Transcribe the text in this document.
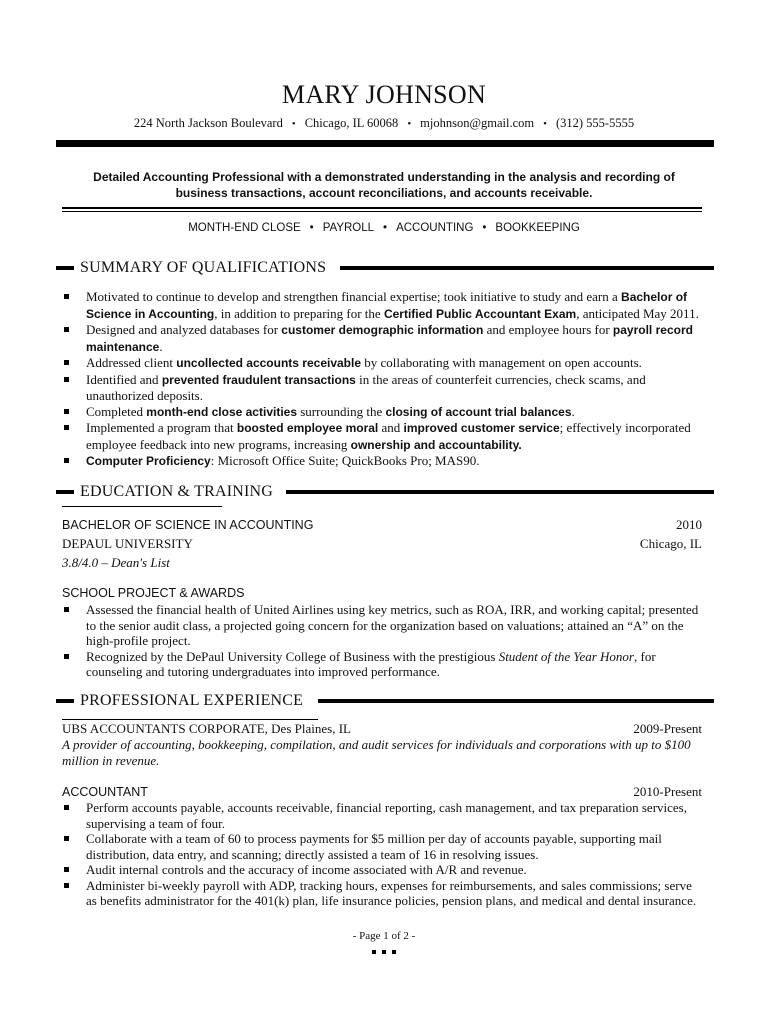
MARY JOHNSON
224 North Jackson Boulevard • Chicago, IL 60068 • mjohnson@gmail.com • (312) 555-5555
Detailed Accounting Professional with a demonstrated understanding in the analysis and recording of
business transactions, account reconciliations, and accounts receivable.
MONTH-END CLOSE • PAYROLL • ACCOUNTING • BOOKKEEPING
SUMMARY OF QUALIFICATIONS
Motivated to continue to develop and strengthen financial expertise; took initiative to study and earn a Bachelor of Science in Accounting, in addition to preparing for the Certified Public Accountant Exam, anticipated May 2011.
Designed and analyzed databases for customer demographic information and employee hours for payroll record maintenance.
Addressed client uncollected accounts receivable by collaborating with management on open accounts.
Identified and prevented fraudulent transactions in the areas of counterfeit currencies, check scams, and unauthorized deposits.
Completed month-end close activities surrounding the closing of account trial balances.
Implemented a program that boosted employee moral and improved customer service; effectively incorporated employee feedback into new programs, increasing ownership and accountability.
Computer Proficiency: Microsoft Office Suite; QuickBooks Pro; MAS90.
EDUCATION & TRAINING
BACHELOR OF SCIENCE IN ACCOUNTING	2010
DEPAUL UNIVERSITY	Chicago, IL
3.8/4.0 – Dean's List
SCHOOL PROJECT & AWARDS
Assessed the financial health of United Airlines using key metrics, such as ROA, IRR, and working capital; presented to the senior audit class, a projected going concern for the organization based on valuations; attained an “A” on the high-profile project.
Recognized by the DePaul University College of Business with the prestigious Student of the Year Honor, for counseling and tutoring undergraduates into improved performance.
PROFESSIONAL EXPERIENCE
UBS ACCOUNTANTS CORPORATE, Des Plaines, IL	2009-Present
A provider of accounting, bookkeeping, compilation, and audit services for individuals and corporations with up to $100 million in revenue.
ACCOUNTANT	2010-Present
Perform accounts payable, accounts receivable, financial reporting, cash management, and tax preparation services, supervising a team of four.
Collaborate with a team of 60 to process payments for $5 million per day of accounts payable, supporting mail distribution, data entry, and scanning; directly assisted a team of 16 in resolving issues.
Audit internal controls and the accuracy of income associated with A/R and revenue.
Administer bi-weekly payroll with ADP, tracking hours, expenses for reimbursements, and sales commissions; serve as benefits administrator for the 401(k) plan, life insurance policies, pension plans, and medical and dental insurance.
- Page 1 of 2 -
